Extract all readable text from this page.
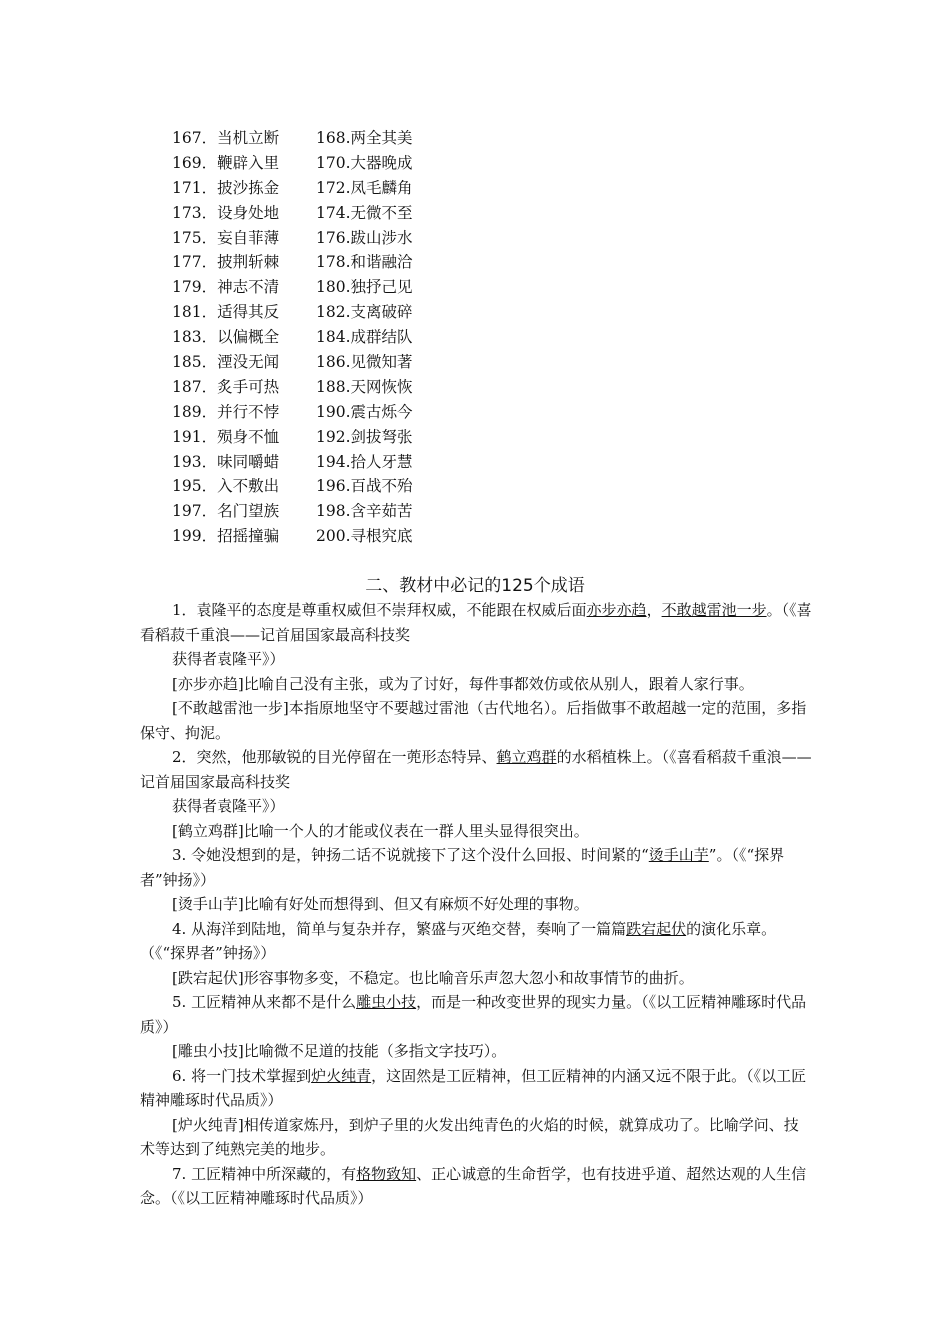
167．当机立断 168.两全其美
169．鞭辟入里 170.大器晚成
171．披沙拣金 172.凤毛麟角
173．设身处地 174.无微不至
175．妄自菲薄 176.跋山涉水
177．披荆斩棘 178.和谐融洽
179．神志不清 180.独抒己见
181．适得其反 182.支离破碎
183．以偏概全 184.成群结队
185．湮没无闻 186.见微知著
187．炙手可热 188.天网恢恢
189．并行不悖 190.震古烁今
191．殒身不恤 192.剑拔弩张
193．味同嚼蜡 194.拾人牙慧
195．入不敷出 196.百战不殆
197．名门望族 198.含辛茹苦
199．招摇撞骗 200.寻根究底
二、教材中必记的125个成语

1．袁隆平的态度是尊重权威但不崇拜权威，不能跟在权威后面亦步亦趋，不敢越雷池一步。（《喜看稻菽千重浪——记首届国家最高科技奖

获得者袁隆平》）

[亦步亦趋]比喻自己没有主张，或为了讨好，每件事都效仿或依从别人，跟着人家行事。

[不敢越雷池一步]本指原地坚守不要越过雷池（古代地名）。后指做事不敢超越一定的范围，多指保守、拘泥。

2．突然，他那敏锐的目光停留在一蔸形态特异、鹤立鸡群的水稻植株上。（《喜看稻菽千重浪——记首届国家最高科技奖

获得者袁隆平》）

[鹤立鸡群]比喻一个人的才能或仪表在一群人里头显得很突出。

3. 令她没想到的是，钟扬二话不说就接下了这个没什么回报、时间紧的“烫手山芋”。（《“探界者”钟扬》）

[烫手山芋]比喻有好处而想得到、但又有麻烦不好处理的事物。

4. 从海洋到陆地，简单与复杂并存，繁盛与灭绝交替，奏响了一篇篇跌宕起伏的演化乐章。（《“探界者”钟扬》）

[跌宕起伏]形容事物多变，不稳定。也比喻音乐声忽大忽小和故事情节的曲折。

5. 工匠精神从来都不是什么雕虫小技，而是一种改变世界的现实力量。（《以工匠精神雕琢时代品质》）

[雕虫小技]比喻微不足道的技能（多指文字技巧）。

6. 将一门技术掌握到炉火纯青，这固然是工匠精神，但工匠精神的内涵又远不限于此。（《以工匠精神雕琢时代品质》）

[炉火纯青]相传道家炼丹，到炉子里的火发出纯青色的火焰的时候，就算成功了。比喻学问、技术等达到了纯熟完美的地步。

7. 工匠精神中所深藏的，有格物致知、正心诚意的生命哲学，也有技进乎道、超然达观的人生信念。（《以工匠精神雕琢时代品质》）
